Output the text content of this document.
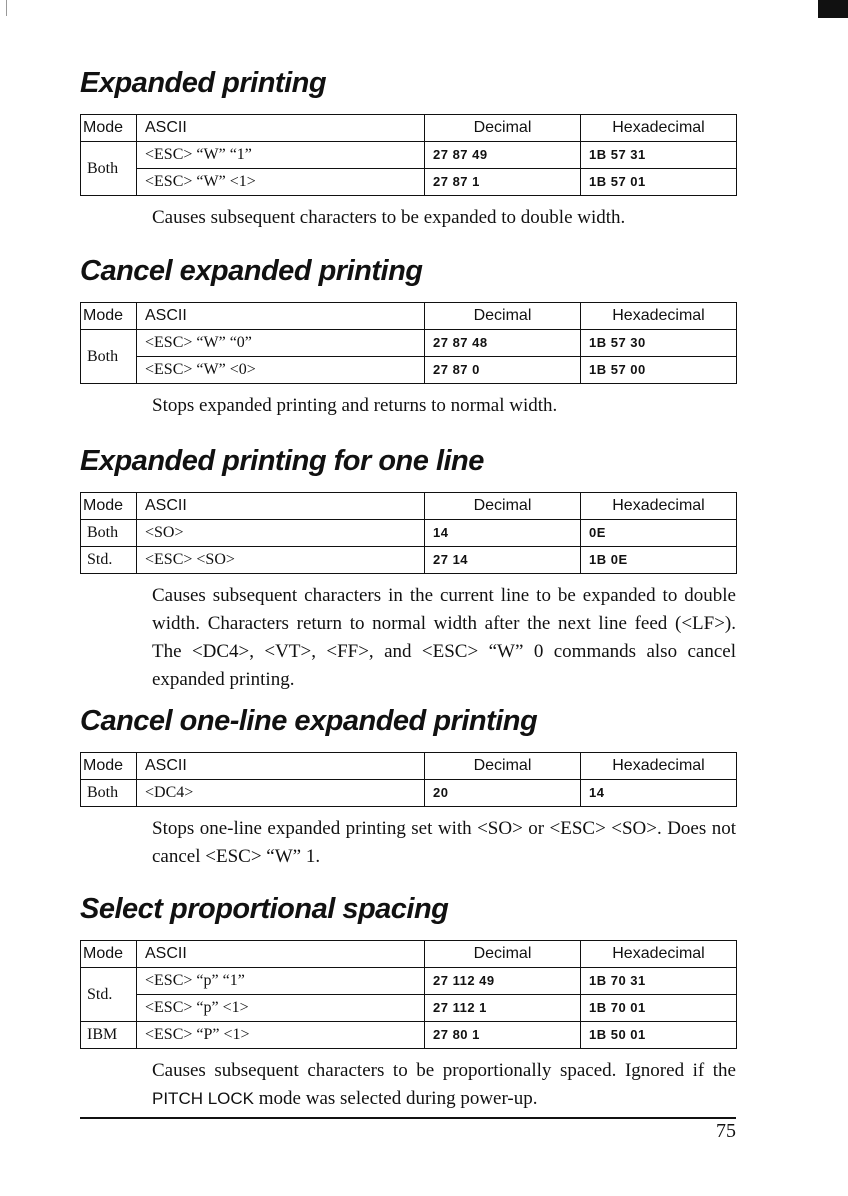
Expanded printing
Mode	ASCII	Decimal	Hexadecimal
Both	<ESC> “W” “1”	27 87 49	1B 57 31
	<ESC> “W” <1>	27 87 1	1B 57 01

Causes subsequent characters to be expanded to double width.

Cancel expanded printing
Mode	ASCII	Decimal	Hexadecimal
Both	<ESC> “W” “0”	27 87 48	1B 57 30
	<ESC> “W” <0>	27 87 0	1B 57 00

Stops expanded printing and returns to normal width.

Expanded printing for one line
Mode	ASCII	Decimal	Hexadecimal
Both	<SO>	14	0E
Std.	<ESC> <SO>	27 14	1B 0E

Causes subsequent characters in the current line to be expanded to double width. Characters return to normal width after the next line feed (<LF>). The <DC4>, <VT>, <FF>, and <ESC> “W” 0 commands also cancel expanded printing.

Cancel one-line expanded printing
Mode	ASCII	Decimal	Hexadecimal
Both	<DC4>	20	14

Stops one-line expanded printing set with <SO> or <ESC> <SO>. Does not cancel <ESC> “W” 1.

Select proportional spacing
Mode	ASCII	Decimal	Hexadecimal
Std.	<ESC> “p” “1”	27 112 49	1B 70 31
	<ESC> “p” <1>	27 112 1	1B 70 01
IBM	<ESC> “P” <1>	27 80 1	1B 50 01

Causes subsequent characters to be proportionally spaced. Ignored if the PITCH LOCK mode was selected during power-up.

75
